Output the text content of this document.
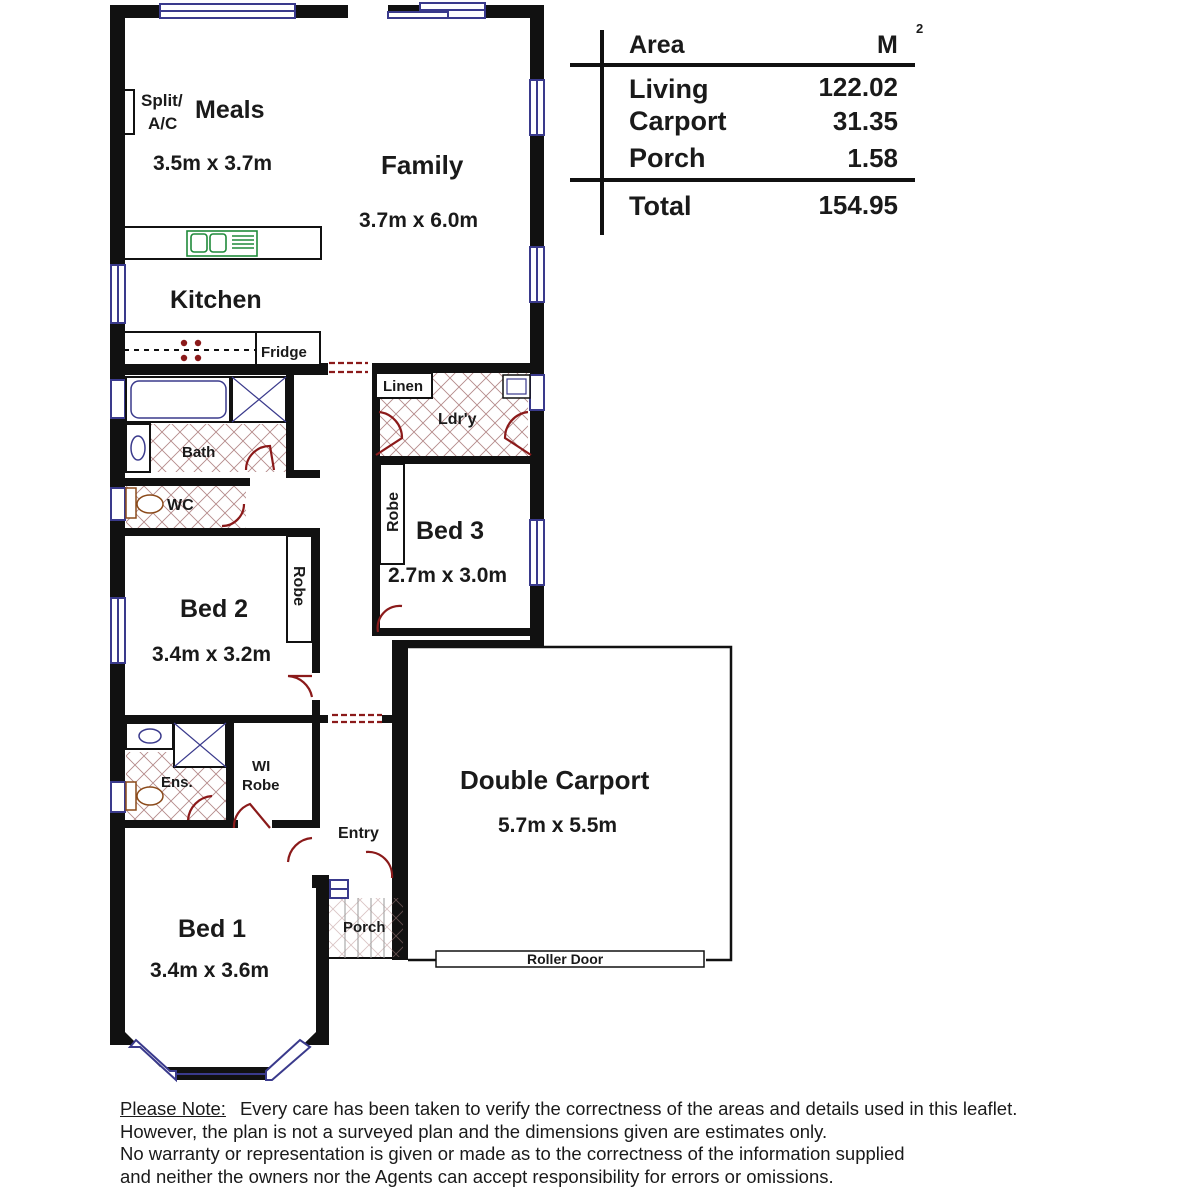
Split/
A/C Meals
3.5m x 3.7m	Family
3.7m x 6.0m
Kitchen
Fridge
Linen
Ldr'y
Bath
WC	Robe Bed 3
2.7m x 3.0m
Robe
Bed 2
3.4m x 3.2m
Ens.
WI
Robe
Entry
Porch
Bed 1
3.4m x 3.6m
Double Carport
5.7m x 5.5m
Roller Door
Area	M
2
Living	122.02
Carport	31.35
Porch	1.58
Total	154.95
Please Note: Every care has been taken to verify the correctness of the areas and details used in this leaflet.
However, the plan is not a surveyed plan and the dimensions given are estimates only.
No warranty or representation is given or made as to the correctness of the information supplied
and neither the owners nor the Agents can accept responsibility for errors or omissions.
